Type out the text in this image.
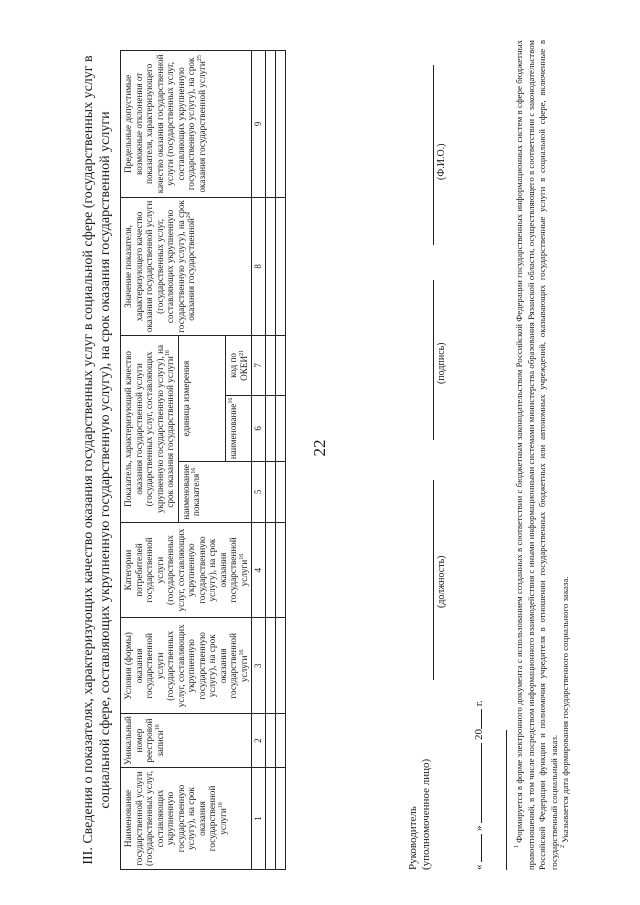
22
III. Сведения о показателях, характеризующих качество оказания государственных услуг в социальной сфере (государственных услуг в социальной сфере, составляющих укрупненную государственную услугу), на срок оказания государственной услуги
Наименование государственной услуги (государственных услуг, составляющих укрупненную государственную услугу), на срок оказания государственной услуги$^{16}$	Уникальный номер реестровой записи$^{16}$	Условия (формы) оказания государственной услуги (государственных услуг, составляющих укрупненную государственную услугу), на срок оказания государственной услуги$^{16}$	Категории потребителей государственной услуги (государственных услуг, составляющих укрупненную государственную услугу), на срок оказания государственной услуги$^{16}$	Показатель, характеризующий качество оказания государственной услуги (государственных услуг, составляющих укрупненную государственную услугу), на срок оказания государственной услуги$^{16}$			Значение показателя, характеризующего качество оказания государственной услуги (государственных услуг, составляющих укрупненную государственную услугу), на срок оказания государственной$^{24}$	Предельные допустимые возможные отклонения от показателя, характеризующего качество оказания государственной услуги (государственных услуг, составляющих укрупненную государственную услугу), на срок оказания государственной услуги$^{25}$
				наименование показателя$^{16}$	единица измерения			
					наименование$^{16}$	код по ОКЕИ$^{21}$
1	2	3	4	5	6	7	8	9

Руководитель (уполномоченное лицо)
(должность)
(подпись)
(Ф.И.О.)
«  »  20 г.

$^1$ Формируется в форме электронного документа с использованием созданных в соответствии с бюджетным законодательством Российской Федерации государственных информационных систем в сфере бюджетных правоотношений, в том числе посредством информационного взаимодействия с иными информационными системами министерства образования Рязанской области, осуществляющего в соответствии с законодательством Российской Федерации функции и полномочия учредителя в отношении государственных бюджетных или автономных учреждений, оказывающих государственные услуги в социальной сфере, включенные в государственный социальный заказ. $^2$ Указывается дата формирования государственного социального заказа.
